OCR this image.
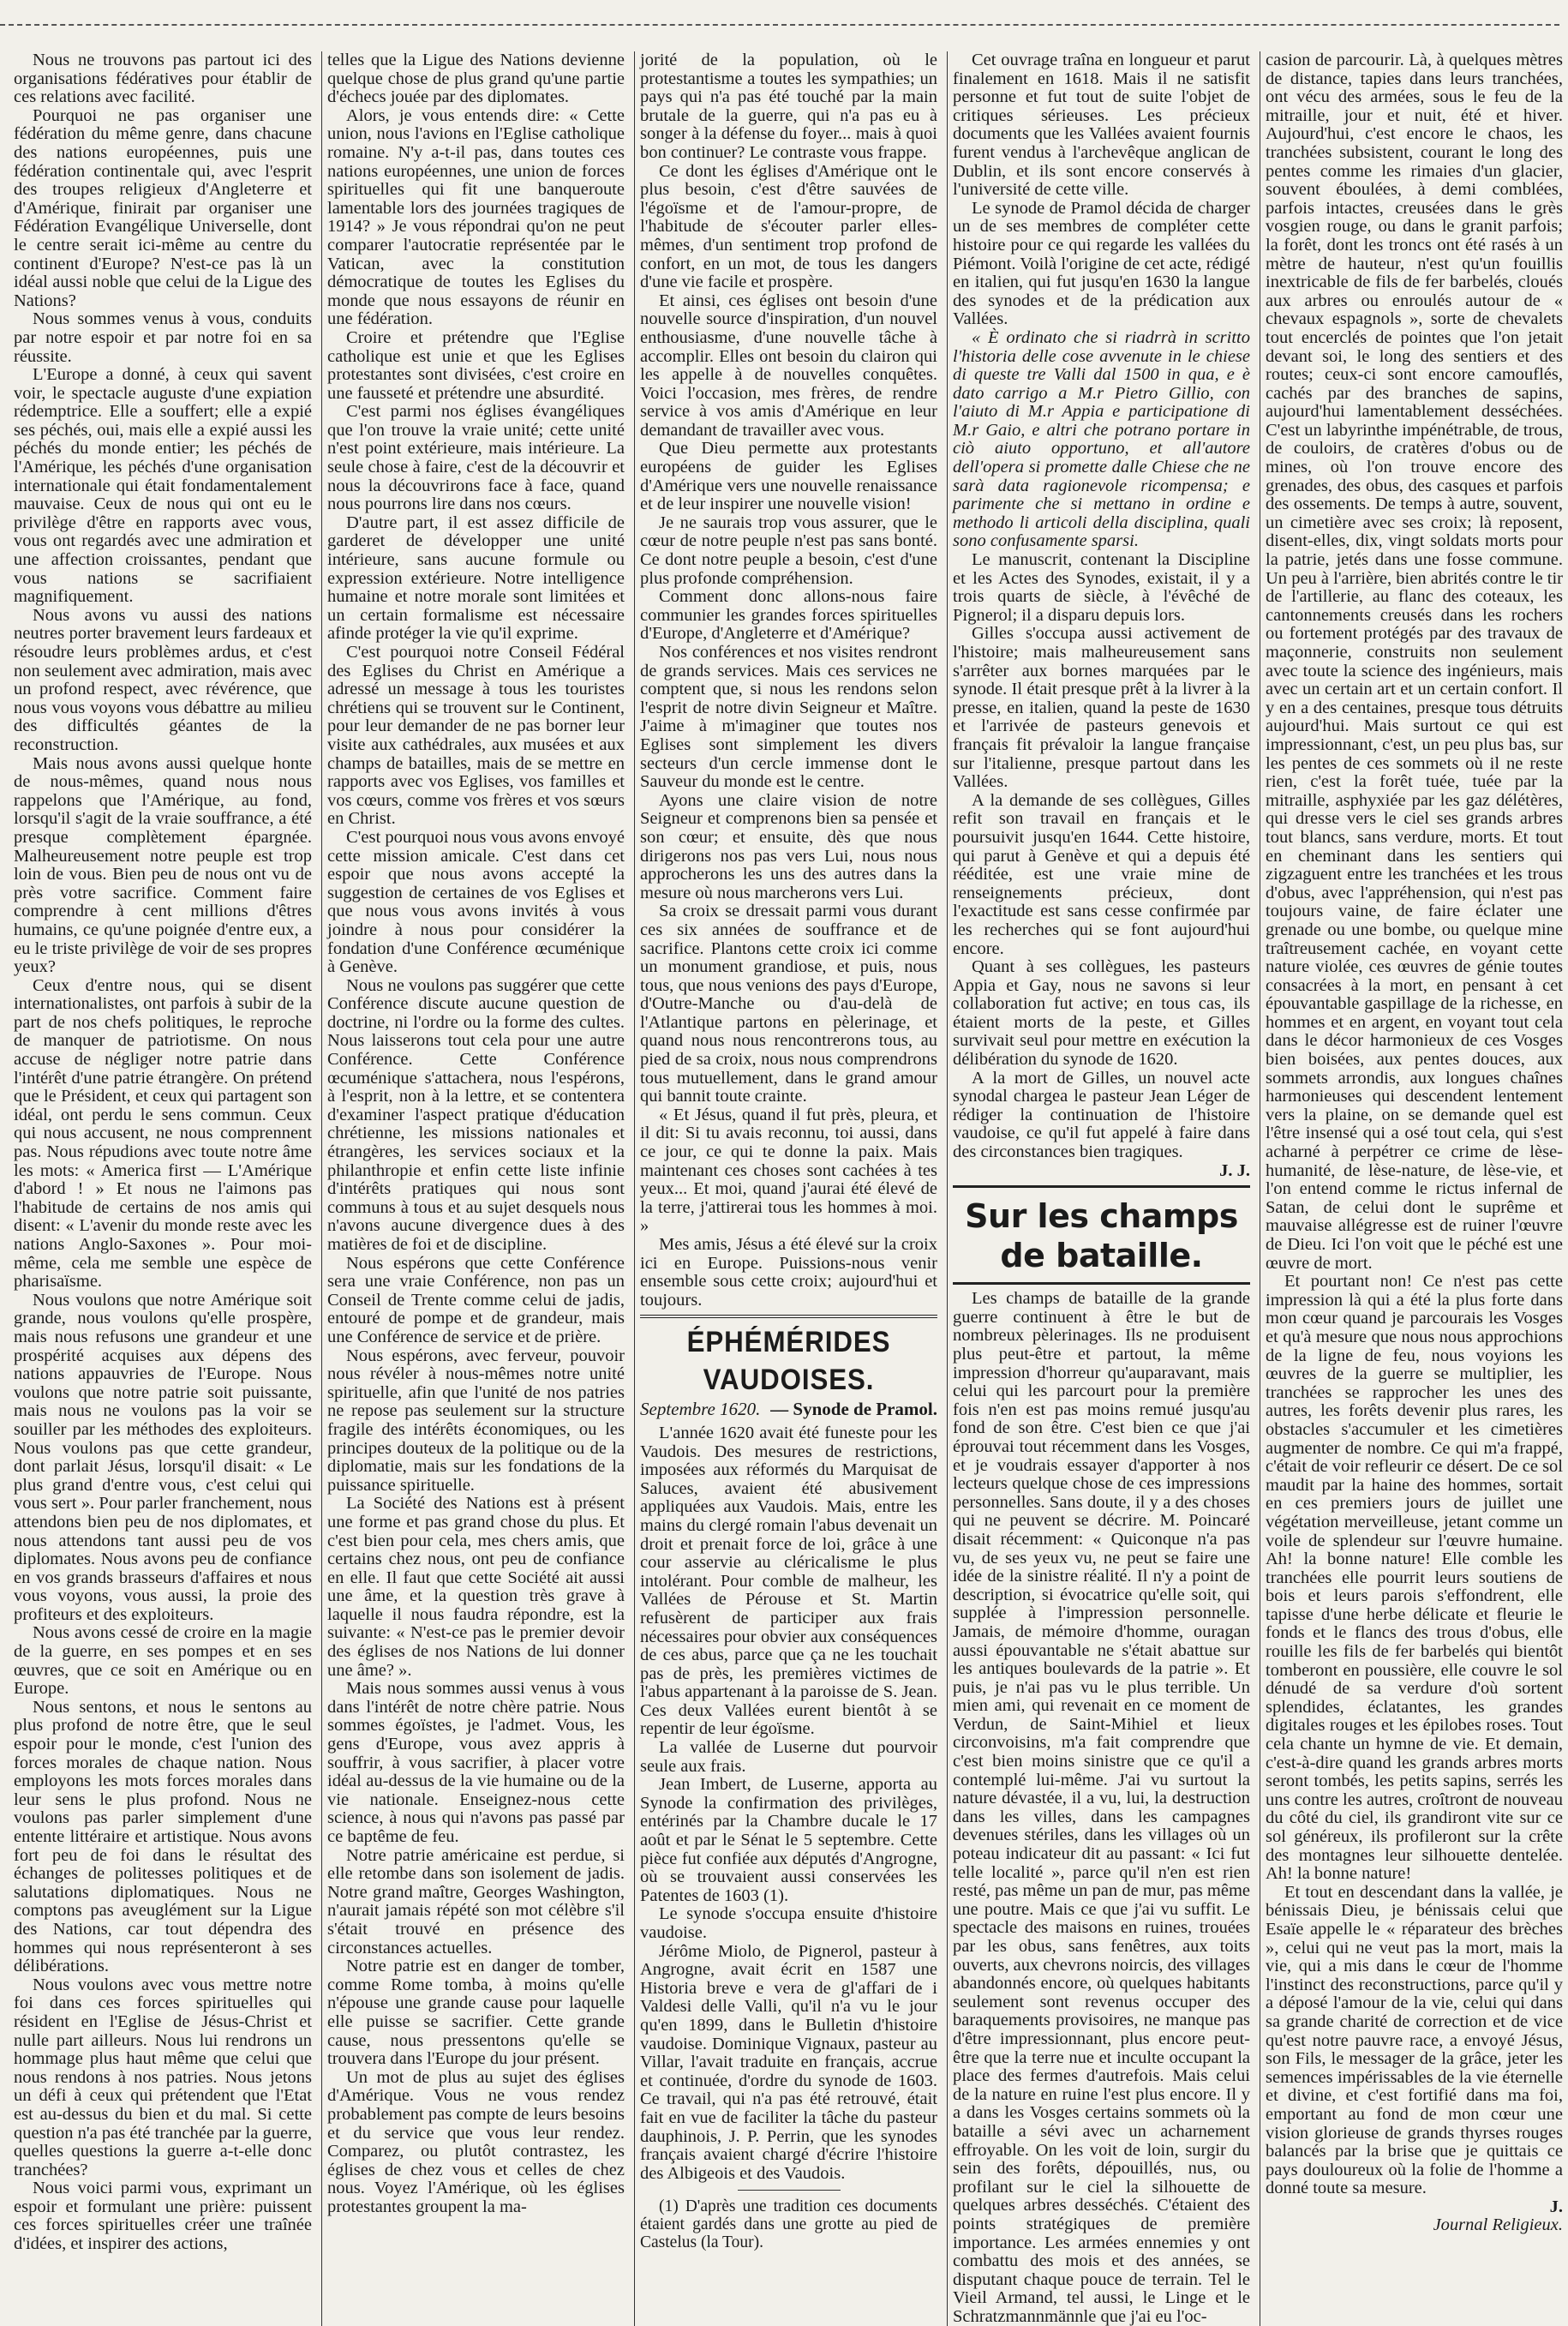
Nous ne trouvons pas partout ici des organisations fédératives pour établir de ces relations avec facilité.

Pourquoi ne pas organiser une fédération du même genre, dans chacune des nations européennes, puis une fédération continentale qui, avec l'esprit des troupes religieux d'Angleterre et d'Amérique, finirait par organiser une Fédération Evangélique Universelle, dont le centre serait ici-même au centre du continent d'Europe? N'est-ce pas là un idéal aussi noble que celui de la Ligue des Nations?

Nous sommes venus à vous, conduits par notre espoir et par notre foi en sa réussite.

L'Europe a donné, à ceux qui savent voir, le spectacle auguste d'une expiation rédemptrice. Elle a souffert; elle a expié ses péchés, oui, mais elle a expié aussi les péchés du monde entier; les péchés de l'Amérique, les péchés d'une organisation internationale qui était fondamentalement mauvaise. Ceux de nous qui ont eu le privilège d'être en rapports avec vous, vous ont regardés avec une admiration et une affection croissantes, pendant que vous nations se sacrifiaient magnifiquement.

Nous avons vu aussi des nations neutres porter bravement leurs fardeaux et résoudre leurs problèmes ardus, et c'est non seulement avec admiration, mais avec un profond respect, avec révérence, que nous vous voyons vous débattre au milieu des difficultés géantes de la reconstruction.

Mais nous avons aussi quelque honte de nous-mêmes, quand nous nous rappelons que l'Amérique, au fond, lorsqu'il s'agit de la vraie souffrance, a été presque complètement épargnée. Malheureusement notre peuple est trop loin de vous. Bien peu de nous ont vu de près votre sacrifice. Comment faire comprendre à cent millions d'êtres humains, ce qu'une poignée d'entre eux, a eu le triste privilège de voir de ses propres yeux?

Ceux d'entre nous, qui se disent internationalistes, ont parfois à subir de la part de nos chefs politiques, le reproche de manquer de patriotisme. On nous accuse de négliger notre patrie dans l'intérêt d'une patrie étrangère. On prétend que le Président, et ceux qui partagent son idéal, ont perdu le sens commun. Ceux qui nous accusent, ne nous comprennent pas. Nous répudions avec toute notre âme les mots: « America first — L'Amérique d'abord ! » Et nous ne l'aimons pas l'habitude de certains de nos amis qui disent: « L'avenir du monde reste avec les nations Anglo-Saxones ». Pour moi-même, cela me semble une espèce de pharisaïsme.

Nous voulons que notre Amérique soit grande, nous voulons qu'elle prospère, mais nous refusons une grandeur et une prospérité acquises aux dépens des nations appauvries de l'Europe. Nous voulons que notre patrie soit puissante, mais nous ne voulons pas la voir se souiller par les méthodes des exploiteurs. Nous voulons pas que cette grandeur, dont parlait Jésus, lorsqu'il disait: « Le plus grand d'entre vous, c'est celui qui vous sert ». Pour parler franchement, nous attendons bien peu de nos diplomates, et nous attendons tant aussi peu de vos diplomates. Nous avons peu de confiance en vos grands brasseurs d'affaires et nous vous voyons, vous aussi, la proie des profiteurs et des exploiteurs.

Nous avons cessé de croire en la magie de la guerre, en ses pompes et en ses œuvres, que ce soit en Amérique ou en Europe.

Nous sentons, et nous le sentons au plus profond de notre être, que le seul espoir pour le monde, c'est l'union des forces morales de chaque nation. Nous employons les mots forces morales dans leur sens le plus profond. Nous ne voulons pas parler simplement d'une entente littéraire et artistique. Nous avons fort peu de foi dans le résultat des échanges de politesses politiques et de salutations diplomatiques. Nous ne comptons pas aveuglément sur la Ligue des Nations, car tout dépendra des hommes qui nous représenteront à ses délibérations.

Nous voulons avec vous mettre notre foi dans ces forces spirituelles qui résident en l'Eglise de Jésus-Christ et nulle part ailleurs. Nous lui rendrons un hommage plus haut même que celui que nous rendons à nos patries. Nous jetons un défi à ceux qui prétendent que l'Etat est au-dessus du bien et du mal. Si cette question n'a pas été tranchée par la guerre, quelles questions la guerre a-t-elle donc tranchées?

Nous voici parmi vous, exprimant un espoir et formulant une prière: puissent ces forces spirituelles créer une traînée d'idées, et inspirer des actions,

telles que la Ligue des Nations devienne quelque chose de plus grand qu'une partie d'échecs jouée par des diplomates.

Alors, je vous entends dire: « Cette union, nous l'avions en l'Eglise catholique romaine. N'y a-t-il pas, dans toutes ces nations européennes, une union de forces spirituelles qui fit une banqueroute lamentable lors des journées tragiques de 1914? » Je vous répondrai qu'on ne peut comparer l'autocratie représentée par le Vatican, avec la constitution démocratique de toutes les Eglises du monde que nous essayons de réunir en une fédération.

Croire et prétendre que l'Eglise catholique est unie et que les Eglises protestantes sont divisées, c'est croire en une fausseté et prétendre une absurdité.

C'est parmi nos églises évangéliques que l'on trouve la vraie unité; cette unité n'est point extérieure, mais intérieure. La seule chose à faire, c'est de la découvrir et nous la découvrirons face à face, quand nous pourrons lire dans nos cœurs.

D'autre part, il est assez difficile de garderet de développer une unité intérieure, sans aucune formule ou expression extérieure. Notre intelligence humaine et notre morale sont limitées et un certain formalisme est nécessaire afinde protéger la vie qu'il exprime.

C'est pourquoi notre Conseil Fédéral des Eglises du Christ en Amérique a adressé un message à tous les touristes chrétiens qui se trouvent sur le Continent, pour leur demander de ne pas borner leur visite aux cathédrales, aux musées et aux champs de batailles, mais de se mettre en rapports avec vos Eglises, vos familles et vos cœurs, comme vos frères et vos sœurs en Christ.

C'est pourquoi nous vous avons envoyé cette mission amicale. C'est dans cet espoir que nous avons accepté la suggestion de certaines de vos Eglises et que nous vous avons invités à vous joindre à nous pour considérer la fondation d'une Conférence œcuménique à Genève.

Nous ne voulons pas suggérer que cette Conférence discute aucune question de doctrine, ni l'ordre ou la forme des cultes. Nous laisserons tout cela pour une autre Conférence. Cette Conférence œcuménique s'attachera, nous l'espérons, à l'esprit, non à la lettre, et se contentera d'examiner l'aspect pratique d'éducation chrétienne, les missions nationales et étrangères, les services sociaux et la philanthropie et enfin cette liste infinie d'intérêts pratiques qui nous sont communs à tous et au sujet desquels nous n'avons aucune divergence dues à des matières de foi et de discipline.

Nous espérons que cette Conférence sera une vraie Conférence, non pas un Conseil de Trente comme celui de jadis, entouré de pompe et de grandeur, mais une Conférence de service et de prière.

Nous espérons, avec ferveur, pouvoir nous révéler à nous-mêmes notre unité spirituelle, afin que l'unité de nos patries ne repose pas seulement sur la structure fragile des intérêts économiques, ou les principes douteux de la politique ou de la diplomatie, mais sur les fondations de la puissance spirituelle.

La Société des Nations est à présent une forme et pas grand chose du plus. Et c'est bien pour cela, mes chers amis, que certains chez nous, ont peu de confiance en elle. Il faut que cette Société ait aussi une âme, et la question très grave à laquelle il nous faudra répondre, est la suivante: « N'est-ce pas le premier devoir des églises de nos Nations de lui donner une âme? ».

Mais nous sommes aussi venus à vous dans l'intérêt de notre chère patrie. Nous sommes égoïstes, je l'admet. Vous, les gens d'Europe, vous avez appris à souffrir, à vous sacrifier, à placer votre idéal au-dessus de la vie humaine ou de la vie nationale. Enseignez-nous cette science, à nous qui n'avons pas passé par ce baptême de feu.

Notre patrie américaine est perdue, si elle retombe dans son isolement de jadis. Notre grand maître, Georges Washington, n'aurait jamais répété son mot célèbre s'il s'était trouvé en présence des circonstances actuelles.

Notre patrie est en danger de tomber, comme Rome tomba, à moins qu'elle n'épouse une grande cause pour laquelle elle puisse se sacrifier. Cette grande cause, nous pressentons qu'elle se trouvera dans l'Europe du jour présent.

Un mot de plus au sujet des églises d'Amérique. Vous ne vous rendez probablement pas compte de leurs besoins et du service que vous leur rendez. Comparez, ou plutôt contrastez, les églises de chez vous et celles de chez nous. Voyez l'Amérique, où les églises protestantes groupent la ma-

jorité de la population, où le protestantisme a toutes les sympathies; un pays qui n'a pas été touché par la main brutale de la guerre, qui n'a pas eu à songer à la défense du foyer... mais à quoi bon continuer? Le contraste vous frappe.

Ce dont les églises d'Amérique ont le plus besoin, c'est d'être sauvées de l'égoïsme et de l'amour-propre, de l'habitude de s'écouter parler elles-mêmes, d'un sentiment trop profond de confort, en un mot, de tous les dangers d'une vie facile et prospère.

Et ainsi, ces églises ont besoin d'une nouvelle source d'inspiration, d'un nouvel enthousiasme, d'une nouvelle tâche à accomplir. Elles ont besoin du clairon qui les appelle à de nouvelles conquêtes. Voici l'occasion, mes frères, de rendre service à vos amis d'Amérique en leur demandant de travailler avec vous.

Que Dieu permette aux protestants européens de guider les Eglises d'Amérique vers une nouvelle renaissance et de leur inspirer une nouvelle vision!

Je ne saurais trop vous assurer, que le cœur de notre peuple n'est pas sans bonté. Ce dont notre peuple a besoin, c'est d'une plus profonde compréhension.

Comment donc allons-nous faire communier les grandes forces spirituelles d'Europe, d'Angleterre et d'Amérique?

Nos conférences et nos visites rendront de grands services. Mais ces services ne comptent que, si nous les rendons selon l'esprit de notre divin Seigneur et Maître. J'aime à m'imaginer que toutes nos Eglises sont simplement les divers secteurs d'un cercle immense dont le Sauveur du monde est le centre.

Ayons une claire vision de notre Seigneur et comprenons bien sa pensée et son cœur; et ensuite, dès que nous dirigerons nos pas vers Lui, nous nous approcherons les uns des autres dans la mesure où nous marcherons vers Lui.

Sa croix se dressait parmi vous durant ces six années de souffrance et de sacrifice. Plantons cette croix ici comme un monument grandiose, et puis, nous tous, que nous venions des pays d'Europe, d'Outre-Manche ou d'au-delà de l'Atlantique partons en pèlerinage, et quand nous nous rencontrerons tous, au pied de sa croix, nous nous comprendrons tous mutuellement, dans le grand amour qui bannit toute crainte.

« Et Jésus, quand il fut près, pleura, et il dit: Si tu avais reconnu, toi aussi, dans ce jour, ce qui te donne la paix. Mais maintenant ces choses sont cachées à tes yeux... Et moi, quand j'aurai été élevé de la terre, j'attirerai tous les hommes à moi. »

Mes amis, Jésus a été élevé sur la croix ici en Europe. Puissions-nous venir ensemble sous cette croix; aujourd'hui et toujours.

ÉPHÉMÉRIDES VAUDOISES.
Septembre 1620. — Synode de Pramol.

L'année 1620 avait été funeste pour les Vaudois. Des mesures de restrictions, imposées aux réformés du Marquisat de Saluces, avaient été abusivement appliquées aux Vaudois. Mais, entre les mains du clergé romain l'abus devenait un droit et prenait force de loi, grâce à une cour asservie au cléricalisme le plus intolérant. Pour comble de malheur, les Vallées de Pérouse et St. Martin refusèrent de participer aux frais nécessaires pour obvier aux conséquences de ces abus, parce que ça ne les touchait pas de près, les premières victimes de l'abus appartenant à la paroisse de S. Jean. Ces deux Vallées eurent bientôt à se repentir de leur égoïsme.

La vallée de Luserne dut pourvoir seule aux frais.

Jean Imbert, de Luserne, apporta au Synode la confirmation des privilèges, entérinés par la Chambre ducale le 17 août et par le Sénat le 5 septembre. Cette pièce fut confiée aux députés d'Angrogne, où se trouvaient aussi conservées les Patentes de 1603 (1).

Le synode s'occupa ensuite d'histoire vaudoise.

Jérôme Miolo, de Pignerol, pasteur à Angrogne, avait écrit en 1587 une Historia breve e vera de gl'affari de i Valdesi delle Valli, qu'il n'a vu le jour qu'en 1899, dans le Bulletin d'histoire vaudoise. Dominique Vignaux, pasteur au Villar, l'avait traduite en français, accrue et continuée, d'ordre du synode de 1603. Ce travail, qui n'a pas été retrouvé, était fait en vue de faciliter la tâche du pasteur dauphinois, J. P. Perrin, que les synodes français avaient chargé d'écrire l'histoire des Albigeois et des Vaudois.

(1) D'après une tradition ces documents étaient gardés dans une grotte au pied de Castelus (la Tour).

Cet ouvrage traîna en longueur et parut finalement en 1618. Mais il ne satisfit personne et fut tout de suite l'objet de critiques sérieuses. Les précieux documents que les Vallées avaient fournis furent vendus à l'archevêque anglican de Dublin, et ils sont encore conservés à l'université de cette ville.

Le synode de Pramol décida de charger un de ses membres de compléter cette histoire pour ce qui regarde les vallées du Piémont. Voilà l'origine de cet acte, rédigé en italien, qui fut jusqu'en 1630 la langue des synodes et de la prédication aux Vallées.

« È ordinato che si riadrrà in scritto l'historia delle cose avvenute in le chiese di queste tre Valli dal 1500 in qua, e è dato carrigo a M.r Pietro Gillio, con l'aiuto di M.r Appia e participatione di M.r Gaio, e altri che potrano portare in ciò aiuto opportuno, et all'autore dell'opera si promette dalle Chiese che ne sarà data ragionevole ricompensa; e parimente che si mettano in ordine e methodo li articoli della disciplina, quali sono confusamente sparsi.

Le manuscrit, contenant la Discipline et les Actes des Synodes, existait, il y a trois quarts de siècle, à l'évêché de Pignerol; il a disparu depuis lors.

Gilles s'occupa aussi activement de l'histoire; mais malheureusement sans s'arrêter aux bornes marquées par le synode. Il était presque prêt à la livrer à la presse, en italien, quand la peste de 1630 et l'arrivée de pasteurs genevois et français fit prévaloir la langue française sur l'italienne, presque partout dans les Vallées.

A la demande de ses collègues, Gilles refit son travail en français et le poursuivit jusqu'en 1644. Cette histoire, qui parut à Genève et qui a depuis été rééditée, est une vraie mine de renseignements précieux, dont l'exactitude est sans cesse confirmée par les recherches qui se font aujourd'hui encore.

Quant à ses collègues, les pasteurs Appia et Gay, nous ne savons si leur collaboration fut active; en tous cas, ils étaient morts de la peste, et Gilles survivait seul pour mettre en exécution la délibération du synode de 1620.

A la mort de Gilles, un nouvel acte synodal chargea le pasteur Jean Léger de rédiger la continuation de l'histoire vaudoise, ce qu'il fut appelé à faire dans des circonstances bien tragiques.

J. J.
Sur les champs de bataille.

Les champs de bataille de la grande guerre continuent à être le but de nombreux pèlerinages. Ils ne produisent plus peut-être et partout, la même impression d'horreur qu'auparavant, mais celui qui les parcourt pour la première fois n'en est pas moins remué jusqu'au fond de son être. C'est bien ce que j'ai éprouvai tout récemment dans les Vosges, et je voudrais essayer d'apporter à nos lecteurs quelque chose de ces impressions personnelles. Sans doute, il y a des choses qui ne peuvent se décrire. M. Poincaré disait récemment: « Quiconque n'a pas vu, de ses yeux vu, ne peut se faire une idée de la sinistre réalité. Il n'y a point de description, si évocatrice qu'elle soit, qui supplée à l'impression personnelle. Jamais, de mémoire d'homme, ouragan aussi épouvantable ne s'était abattue sur les antiques boulevards de la patrie ». Et puis, je n'ai pas vu le plus terrible. Un mien ami, qui revenait en ce moment de Verdun, de Saint-Mihiel et lieux circonvoisins, m'a fait comprendre que c'est bien moins sinistre que ce qu'il a contemplé lui-même. J'ai vu surtout la nature dévastée, il a vu, lui, la destruction dans les villes, dans les campagnes devenues stériles, dans les villages où un poteau indicateur dit au passant: « Ici fut telle localité », parce qu'il n'en est rien resté, pas même un pan de mur, pas même une poutre. Mais ce que j'ai vu suffit. Le spectacle des maisons en ruines, trouées par les obus, sans fenêtres, aux toits ouverts, aux chevrons noircis, des villages abandonnés encore, où quelques habitants seulement sont revenus occuper des baraquements provisoires, ne manque pas d'être impressionnant, plus encore peut-être que la terre nue et inculte occupant la place des fermes d'autrefois. Mais celui de la nature en ruine l'est plus encore. Il y a dans les Vosges certains sommets où la bataille a sévi avec un acharnement effroyable. On les voit de loin, surgir du sein des forêts, dépouillés, nus, ou profilant sur le ciel la silhouette de quelques arbres desséchés. C'étaient des points stratégiques de première importance. Les armées ennemies y ont combattu des mois et des années, se disputant chaque pouce de terrain. Tel le Vieil Armand, tel aussi, le Linge et le Schratzmannmännle que j'ai eu l'oc-

casion de parcourir. Là, à quelques mètres de distance, tapies dans leurs tranchées, ont vécu des armées, sous le feu de la mitraille, jour et nuit, été et hiver. Aujourd'hui, c'est encore le chaos, les tranchées subsistent, courant le long des pentes comme les rimaies d'un glacier, souvent éboulées, à demi comblées, parfois intactes, creusées dans le grès vosgien rouge, ou dans le granit parfois; la forêt, dont les troncs ont été rasés à un mètre de hauteur, n'est qu'un fouillis inextricable de fils de fer barbelés, cloués aux arbres ou enroulés autour de « chevaux espagnols », sorte de chevalets tout encerclés de pointes que l'on jetait devant soi, le long des sentiers et des routes; ceux-ci sont encore camouflés, cachés par des branches de sapins, aujourd'hui lamentablement desséchées. C'est un labyrinthe impénétrable, de trous, de couloirs, de cratères d'obus ou de mines, où l'on trouve encore des grenades, des obus, des casques et parfois des ossements. De temps à autre, souvent, un cimetière avec ses croix; là reposent, disent-elles, dix, vingt soldats morts pour la patrie, jetés dans une fosse commune. Un peu à l'arrière, bien abrités contre le tir de l'artillerie, au flanc des coteaux, les cantonnements creusés dans les rochers ou fortement protégés par des travaux de maçonnerie, construits non seulement avec toute la science des ingénieurs, mais avec un certain art et un certain confort. Il y en a des centaines, presque tous détruits aujourd'hui. Mais surtout ce qui est impressionnant, c'est, un peu plus bas, sur les pentes de ces sommets où il ne reste rien, c'est la forêt tuée, tuée par la mitraille, asphyxiée par les gaz délétères, qui dresse vers le ciel ses grands arbres tout blancs, sans verdure, morts. Et tout en cheminant dans les sentiers qui zigzaguent entre les tranchées et les trous d'obus, avec l'appréhension, qui n'est pas toujours vaine, de faire éclater une grenade ou une bombe, ou quelque mine traîtreusement cachée, en voyant cette nature violée, ces œuvres de génie toutes consacrées à la mort, en pensant à cet épouvantable gaspillage de la richesse, en hommes et en argent, en voyant tout cela dans le décor harmonieux de ces Vosges bien boisées, aux pentes douces, aux sommets arrondis, aux longues chaînes harmonieuses qui descendent lentement vers la plaine, on se demande quel est l'être insensé qui a osé tout cela, qui s'est acharné à perpétrer ce crime de lèse-humanité, de lèse-nature, de lèse-vie, et l'on entend comme le rictus infernal de Satan, de celui dont le suprême et mauvaise allégresse est de ruiner l'œuvre de Dieu. Ici l'on voit que le péché est une œuvre de mort.

Et pourtant non! Ce n'est pas cette impression là qui a été la plus forte dans mon cœur quand je parcourais les Vosges et qu'à mesure que nous nous approchions de la ligne de feu, nous voyions les œuvres de la guerre se multiplier, les tranchées se rapprocher les unes des autres, les forêts devenir plus rares, les obstacles s'accumuler et les cimetières augmenter de nombre. Ce qui m'a frappé, c'était de voir refleurir ce désert. De ce sol maudit par la haine des hommes, sortait en ces premiers jours de juillet une végétation merveilleuse, jetant comme un voile de splendeur sur l'œuvre humaine. Ah! la bonne nature! Elle comble les tranchées elle pourrit leurs soutiens de bois et leurs parois s'effondrent, elle tapisse d'une herbe délicate et fleurie le fonds et le flancs des trous d'obus, elle rouille les fils de fer barbelés qui bientôt tomberont en poussière, elle couvre le sol dénudé de sa verdure d'où sortent splendides, éclatantes, les grandes digitales rouges et les épilobes roses. Tout cela chante un hymne de vie. Et demain, c'est-à-dire quand les grands arbres morts seront tombés, les petits sapins, serrés les uns contre les autres, croîtront de nouveau du côté du ciel, ils grandiront vite sur ce sol généreux, ils profileront sur la crête des montagnes leur silhouette dentelée. Ah! la bonne nature!

Et tout en descendant dans la vallée, je bénissais Dieu, je bénissais celui que Esaïe appelle le « réparateur des brèches », celui qui ne veut pas la mort, mais la vie, qui a mis dans le cœur de l'homme l'instinct des reconstructions, parce qu'il y a déposé l'amour de la vie, celui qui dans sa grande charité de correction et de vice qu'est notre pauvre race, a envoyé Jésus, son Fils, le messager de la grâce, jeter les semences impérissables de la vie éternelle et divine, et c'est fortifié dans ma foi, emportant au fond de mon cœur une vision glorieuse de grands thyrses rouges balancés par la brise que je quittais ce pays douloureux où la folie de l'homme a donné toute sa mesure.

J.
Journal Religieux.
